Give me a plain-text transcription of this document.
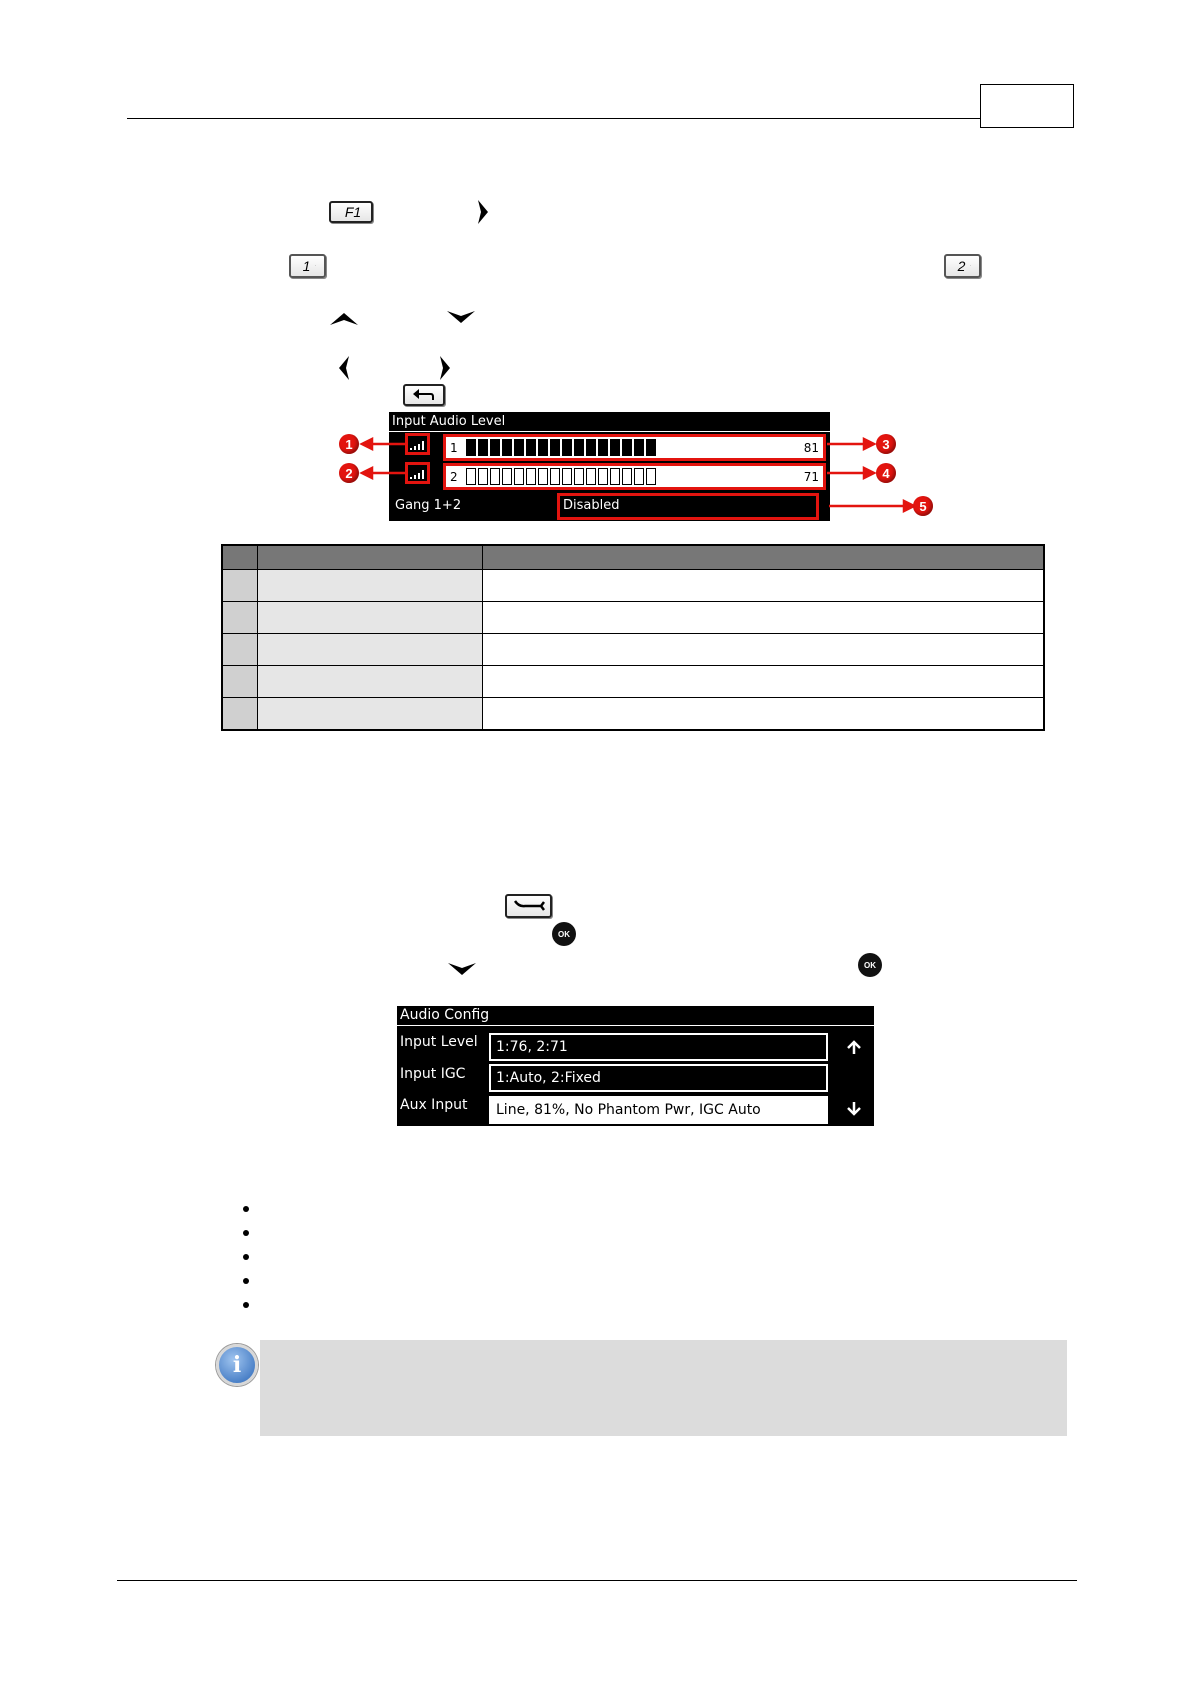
F1
1 ·	2 ·
Input Audio Level
1	81
2	71
Gang 1+2	Disabled
1
2
3
4
5

OK
OK
Audio Config
Input Level	1:76, 2:71
Input IGC	1:Auto, 2:Fixed
Aux Input	Line, 81%, No Phantom Pwr, IGC Auto
i
